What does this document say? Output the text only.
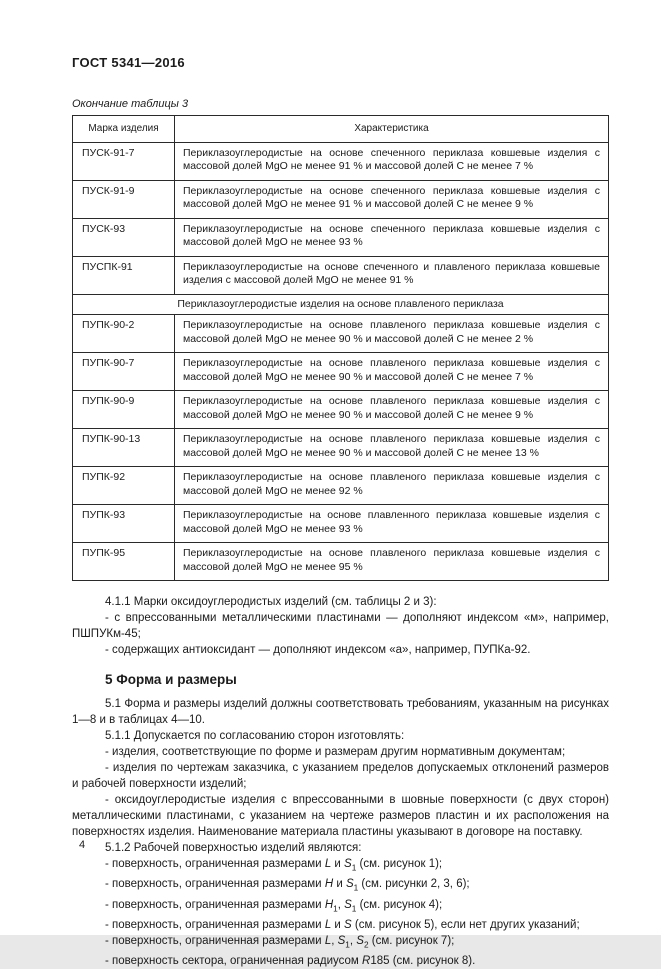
ГОСТ 5341—2016
Окончание таблицы 3
Марка изделия	Характеристика
ПУСК-91-7	Периклазоуглеродистые на основе спеченного периклаза ковшевые изделия с массовой долей MgO не менее 91 % и массовой долей С не менее 7 %
ПУСК-91-9	Периклазоуглеродистые на основе спеченного периклаза ковшевые изделия с массовой долей MgO не менее 91 % и массовой долей С не менее 9 %
ПУСК-93	Периклазоуглеродистые на основе спеченного периклаза ковшевые изделия с массовой долей MgO не менее 93 %
ПУСПК-91	Периклазоуглеродистые на основе спеченного и плавленого периклаза ковшевые изделия с массовой долей MgO не менее 91 %
Периклазоуглеродистые изделия на основе плавленого периклаза	
ПУПК-90-2	Периклазоуглеродистые на основе плавленого периклаза ковшевые изделия с массовой долей MgO не менее 90 % и массовой долей С не менее 2 %
ПУПК-90-7	Периклазоуглеродистые на основе плавленого периклаза ковшевые изделия с массовой долей MgO не менее 90 % и массовой долей С не менее 7 %
ПУПК-90-9	Периклазоуглеродистые на основе плавленого периклаза ковшевые изделия с массовой долей MgO не менее 90 % и массовой долей С не менее 9 %
ПУПК-90-13	Периклазоуглеродистые на основе плавленого периклаза ковшевые изделия с массовой долей MgO не менее 90 % и массовой долей С не менее 13 %
ПУПК-92	Периклазоуглеродистые на основе плавленого периклаза ковшевые изделия с массовой долей MgO не менее 92 %
ПУПК-93	Периклазоуглеродистые на основе плавленного периклаза ковшевые изделия с массовой долей MgO не менее 93 %
ПУПК-95	Периклазоуглеродистые на основе плавленого периклаза ковшевые изделия с массовой долей MgO не менее 95 %

4.1.1 Марки оксидоуглеродистых изделий (см. таблицы 2 и 3):

- с впрессованными металлическими пластинами — дополняют индексом «м», например, ПШПУКм-45;

- содержащих антиоксидант — дополняют индексом «а», например, ПУПКа-92.

5 Форма и размеры

5.1 Форма и размеры изделий должны соответствовать требованиям, указанным на рисунках 1—8 и в таблицах 4—10.

5.1.1 Допускается по согласованию сторон изготовлять:

- изделия, соответствующие по форме и размерам другим нормативным документам;

- изделия по чертежам заказчика, с указанием пределов допускаемых отклонений размеров и рабочей поверхности изделий;

- оксидоуглеродистые изделия с впрессованными в шовные поверхности (с двух сторон) металлическими пластинами, с указанием на чертеже размеров пластин и их расположения на поверхностях изделия. Наименование материала пластины указывают в договоре на поставку.

5.1.2 Рабочей поверхностью изделий являются:

- поверхность, ограниченная размерами L и $S_1$ (см. рисунок 1);

- поверхность, ограниченная размерами H и $S_1$ (см. рисунки 2, 3, 6);

- поверхность, ограниченная размерами $H_1$, $S_1$ (см. рисунок 4);

- поверхность, ограниченная размерами L и S (см. рисунок 5), если нет других указаний;

- поверхность, ограниченная размерами L, $S_1$, $S_2$ (см. рисунок 7);

- поверхность сектора, ограниченная радиусом R185 (см. рисунок 8).

4
